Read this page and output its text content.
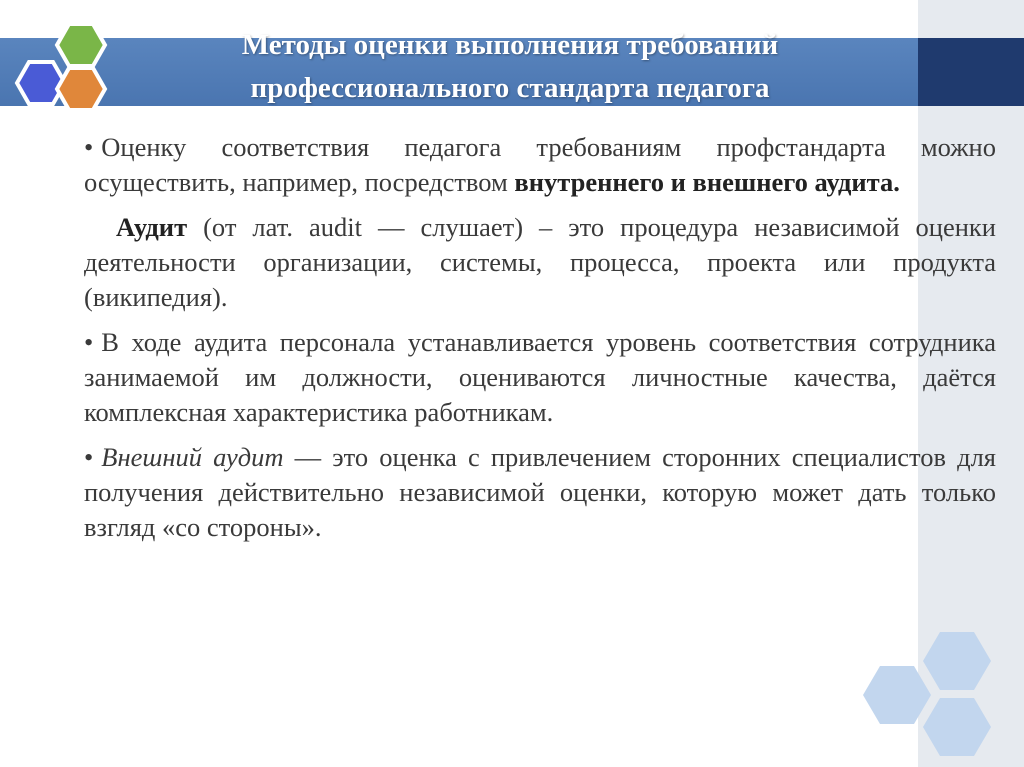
Методы оценки выполнения требований
профессионального стандарта педагога

• Оценку соответствия педагога требованиям профстандарта можно осуществить, например, посредством внутреннего и внешнего аудита.

Аудит (от лат. audit — слушает) – это процедура независимой оценки деятельности организации, системы, процесса, проекта или продукта (википедия).

• В ходе аудита персонала устанавливается уровень соответствия сотрудника занимаемой им должности, оцениваются личностные качества, даётся комплексная характеристика работникам.

• Внешний аудит — это оценка с привлечением сторонних специалистов для получения действительно независимой оценки, которую может дать только взгляд «со стороны».
